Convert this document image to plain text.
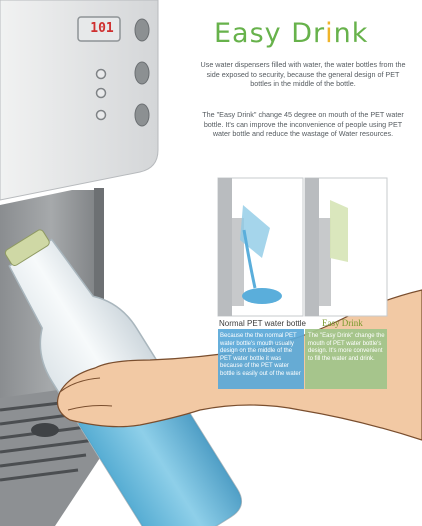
101	Easy Drink
Use water dispensers filled with water, the water bottles from the side exposed to security, because the general design of PET bottles in the middle of the bottle.
The "Easy Drink" change 45 degree on mouth of the PET water bottle. It's can improve the inconvenience of people using PET water bottle and reduce the wastage of Water resources.
Normal PET water bottle Easy Drink
Because the the normal PET water bottle's mouth usually design on the middle of the PET water bottle it was because of the PET water bottle is easily out of the water
The "Easy Drink" change the mouth of PET water bottle's design. It's more convenient to fill the water and drink.
